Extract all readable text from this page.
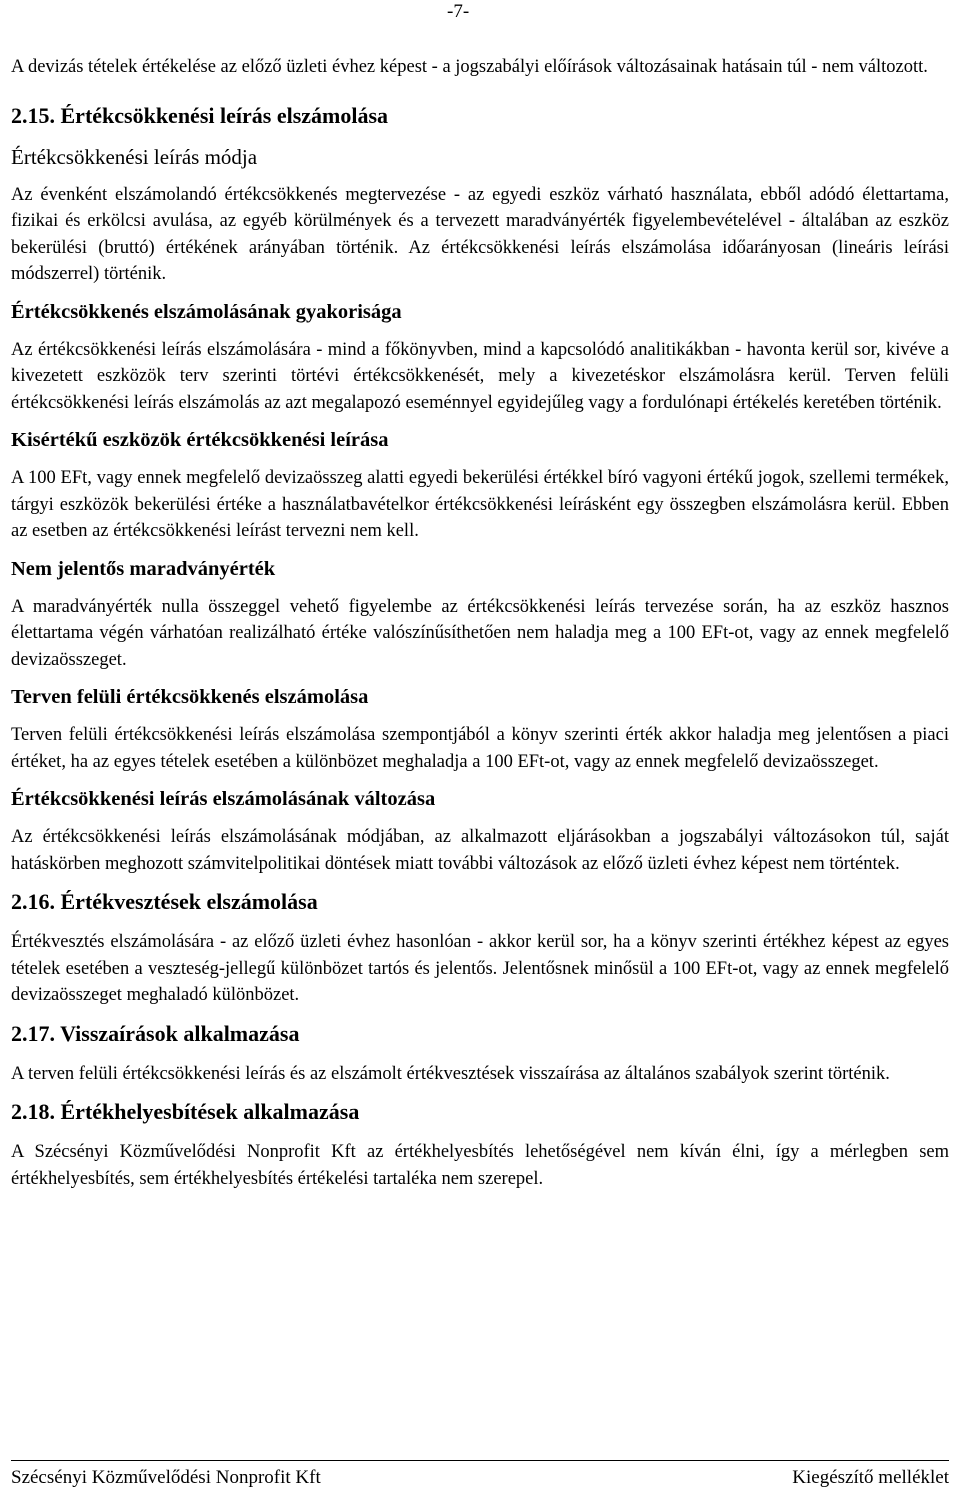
-7-

A devizás tételek értékelése az előző üzleti évhez képest - a jogszabályi előírások változásainak hatásain túl - nem változott.

2.15. Értékcsökkenési leírás elszámolása
Értékcsökkenési leírás módja

Az évenként elszámolandó értékcsökkenés megtervezése - az egyedi eszköz várható használata, ebből adódó élettartama, fizikai és erkölcsi avulása, az egyéb körülmények és a tervezett maradványérték figyelembevételével - általában az eszköz bekerülési (bruttó) értékének arányában történik. Az értékcsökkenési leírás elszámolása időarányosan (lineáris leírási módszerrel) történik.

Értékcsökkenés elszámolásának gyakorisága

Az értékcsökkenési leírás elszámolására - mind a főkönyvben, mind a kapcsolódó analitikákban - havonta kerül sor, kivéve a kivezetett eszközök terv szerinti törtévi értékcsökkenését, mely a kivezetéskor elszámolásra kerül. Terven felüli értékcsökkenési leírás elszámolás az azt megalapozó eseménnyel egyidejűleg vagy a fordulónapi értékelés keretében történik.

Kisértékű eszközök értékcsökkenési leírása

A 100 EFt, vagy ennek megfelelő devizaösszeg alatti egyedi bekerülési értékkel bíró vagyoni értékű jogok, szellemi termékek, tárgyi eszközök bekerülési értéke a használatbavételkor értékcsökkenési leírásként egy összegben elszámolásra kerül. Ebben az esetben az értékcsökkenési leírást tervezni nem kell.

Nem jelentős maradványérték

A maradványérték nulla összeggel vehető figyelembe az értékcsökkenési leírás tervezése során, ha az eszköz hasznos élettartama végén várhatóan realizálható értéke valószínűsíthetően nem haladja meg a 100 EFt-ot, vagy az ennek megfelelő devizaösszeget.

Terven felüli értékcsökkenés elszámolása

Terven felüli értékcsökkenési leírás elszámolása szempontjából a könyv szerinti érték akkor haladja meg jelentősen a piaci értéket, ha az egyes tételek esetében a különbözet meghaladja a 100 EFt-ot, vagy az ennek megfelelő devizaösszeget.

Értékcsökkenési leírás elszámolásának változása

Az értékcsökkenési leírás elszámolásának módjában, az alkalmazott eljárásokban a jogszabályi változásokon túl, saját hatáskörben meghozott számvitelpolitikai döntések miatt további változások az előző üzleti évhez képest nem történtek.

2.16. Értékvesztések elszámolása

Értékvesztés elszámolására - az előző üzleti évhez hasonlóan - akkor kerül sor, ha a könyv szerinti értékhez képest az egyes tételek esetében a veszteség-jellegű különbözet tartós és jelentős. Jelentősnek minősül a 100 EFt-ot, vagy az ennek megfelelő devizaösszeget meghaladó különbözet.

2.17. Visszaírások alkalmazása

A terven felüli értékcsökkenési leírás és az elszámolt értékvesztések visszaírása az általános szabályok szerint történik.

2.18. Értékhelyesbítések alkalmazása

A Szécsényi Közművelődési Nonprofit Kft az értékhelyesbítés lehetőségével nem kíván élni, így a mérlegben sem értékhelyesbítés, sem értékhelyesbítés értékelési tartaléka nem szerepel.

Szécsényi Közművelődési Nonprofit Kft	Kiegészítő melléklet
